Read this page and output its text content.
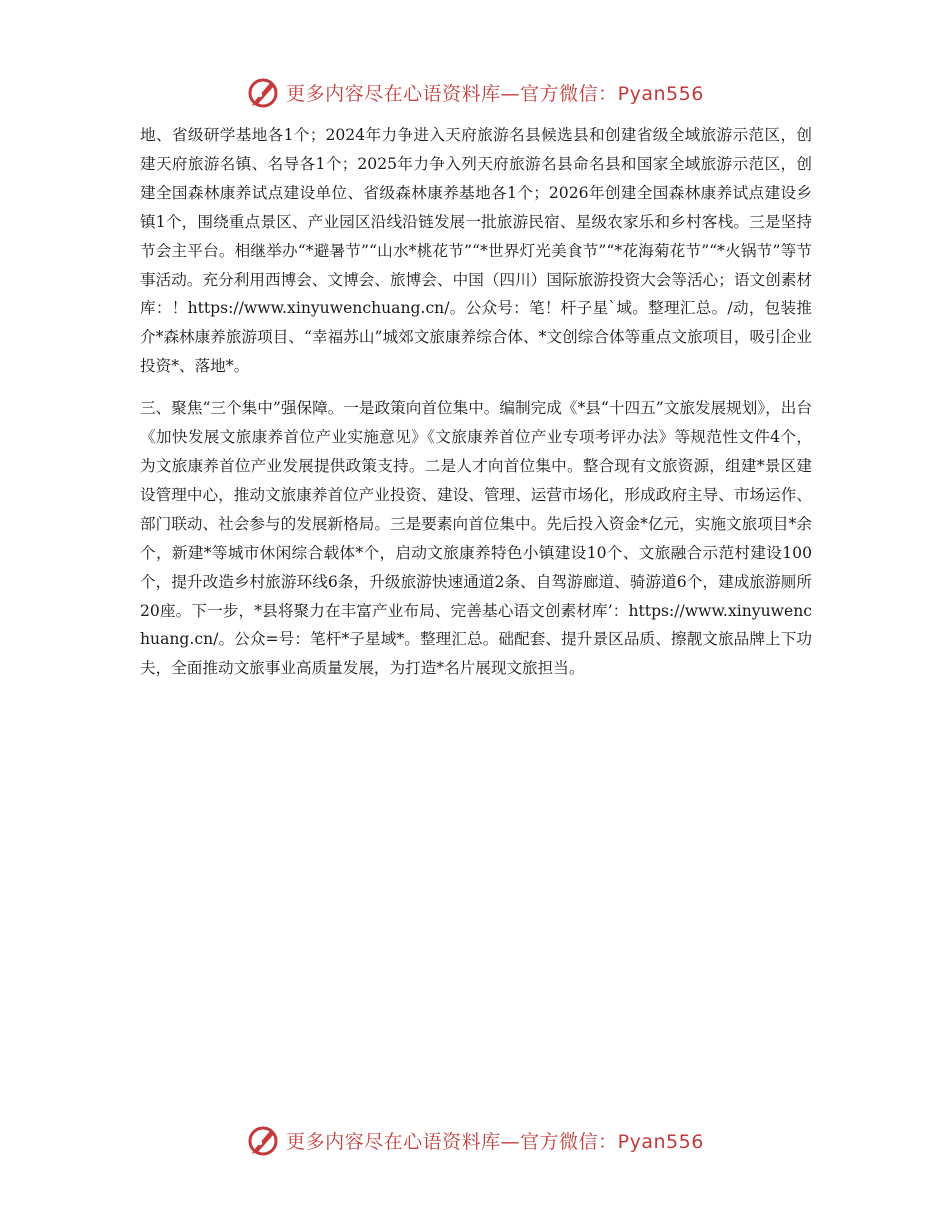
更多内容尽在心语资料库—官方微信：Pyan556

地、省级研学基地各1个；2024年力争进入天府旅游名县候选县和创建省级全域旅游示范区，创建天府旅游名镇、名导各1个；2025年力争入列天府旅游名县命名县和国家全域旅游示范区，创建全国森林康养试点建设单位、省级森林康养基地各1个；2026年创建全国森林康养试点建设乡镇1个，围绕重点景区、产业园区沿线沿链发展一批旅游民宿、星级农家乐和乡村客栈。三是坚持节会主平台。相继举办“*避暑节”“山水*桃花节”“*世界灯光美食节”“*花海菊花节”“*火锅节”等节事活动。充分利用西博会、文博会、旅博会、中国（四川）国际旅游投资大会等活心；语文创素材库：！https://www.xinyuwenchuang.cn/。公众号：笔！杆子星`域。整理汇总。/动，包装推介*森林康养旅游项目、“幸福苏山”城郊文旅康养综合体、*文创综合体等重点文旅项目，吸引企业投资*、落地*。

三、聚焦“三个集中”强保障。一是政策向首位集中。编制完成《*县“十四五”文旅发展规划》，出台《加快发展文旅康养首位产业实施意见》《文旅康养首位产业专项考评办法》等规范性文件4个，为文旅康养首位产业发展提供政策支持。二是人才向首位集中。整合现有文旅资源，组建*景区建设管理中心，推动文旅康养首位产业投资、建设、管理、运营市场化，形成政府主导、市场运作、部门联动、社会参与的发展新格局。三是要素向首位集中。先后投入资金*亿元，实施文旅项目*余个，新建*等城市休闲综合载体*个，启动文旅康养特色小镇建设10个、文旅融合示范村建设100个，提升改造乡村旅游环线6条，升级旅游快速通道2条、自驾游廊道、骑游道6个，建成旅游厕所20座。下一步，*县将聚力在丰富产业布局、完善基心语文创素材库’：https://www.xinyuwenchuang.cn/。公众=号：笔杆*子星域*。整理汇总。础配套、提升景区品质、擦靓文旅品牌上下功夫，全面推动文旅事业高质量发展，为打造*名片展现文旅担当。

更多内容尽在心语资料库—官方微信：Pyan556
